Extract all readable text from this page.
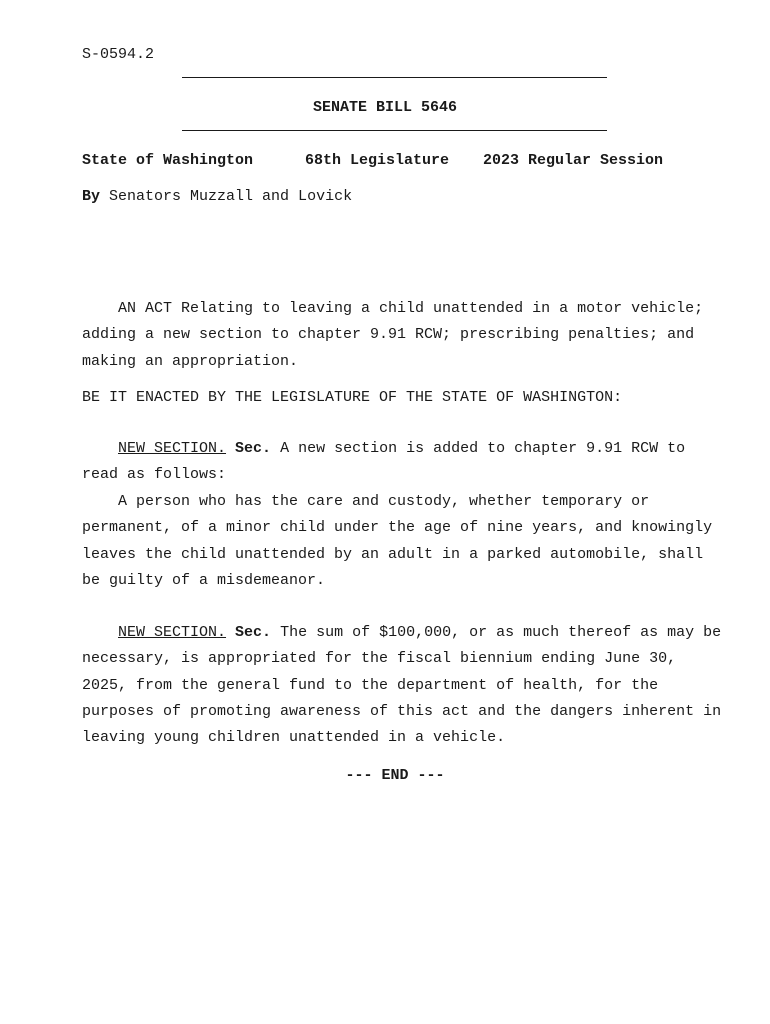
S-0594.2
SENATE BILL 5646
State of Washington	68th Legislature 2023 Regular Session
By Senators Muzzall and Lovick
AN ACT Relating to leaving a child unattended in a motor vehicle; adding a new section to chapter 9.91 RCW; prescribing penalties; and making an appropriation.
BE IT ENACTED BY THE LEGISLATURE OF THE STATE OF WASHINGTON:
NEW SECTION. Sec. A new section is added to chapter 9.91 RCW to read as follows:
A person who has the care and custody, whether temporary or permanent, of a minor child under the age of nine years, and knowingly leaves the child unattended by an adult in a parked automobile, shall be guilty of a misdemeanor.
NEW SECTION. Sec. The sum of $100,000, or as much thereof as may be necessary, is appropriated for the fiscal biennium ending June 30, 2025, from the general fund to the department of health, for the purposes of promoting awareness of this act and the dangers inherent in leaving young children unattended in a vehicle.
--- END ---
